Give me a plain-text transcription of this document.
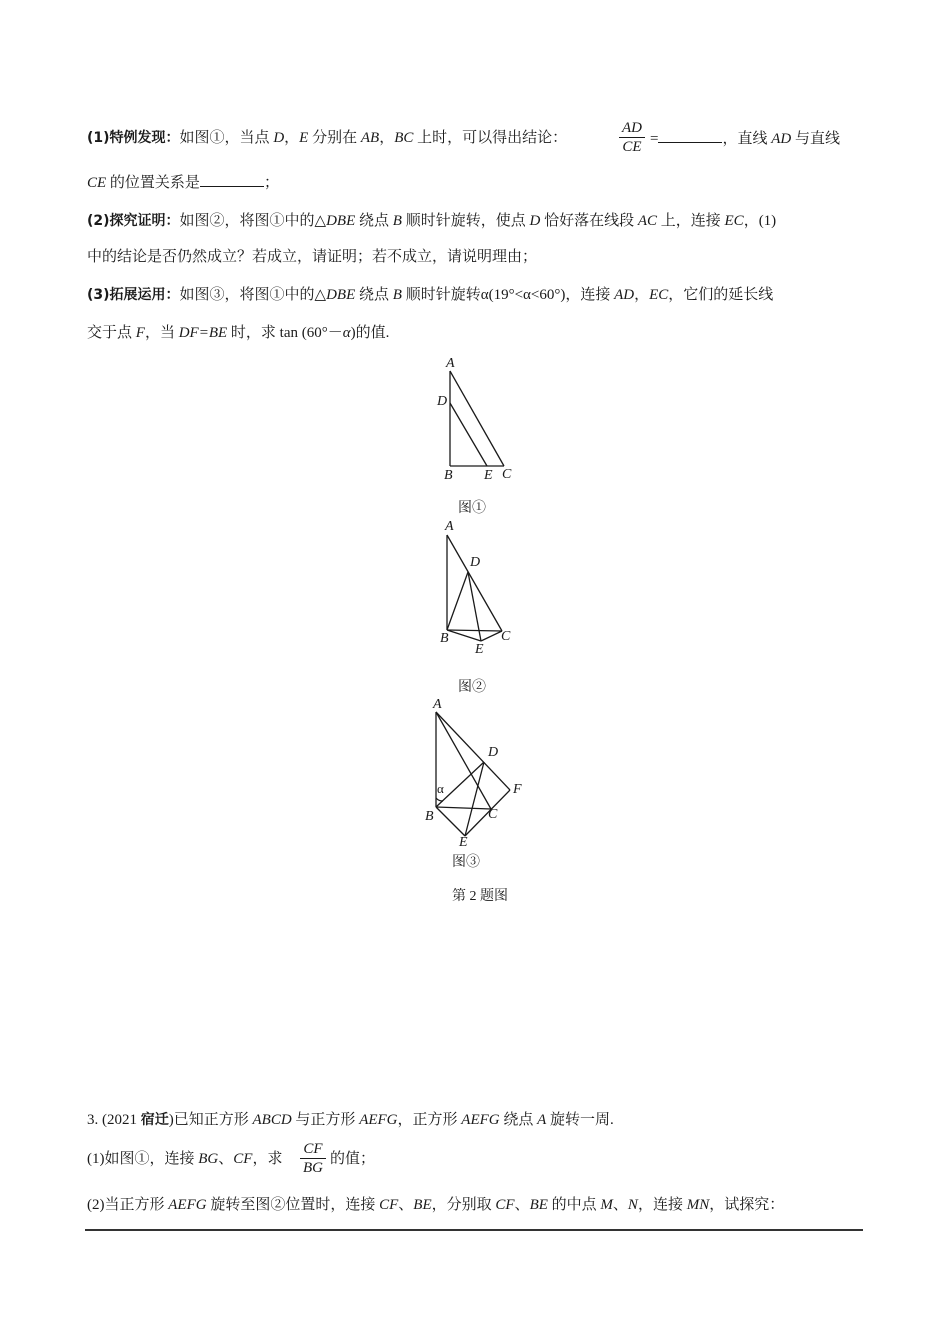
(1)特例发现：如图①，当点 D，E 分别在 AB，BC 上时，可以得出结论：	$\frac{AD}{CE}$ =	，直线 AD 与直线
CE 的位置关系是	；
(2)探究证明：如图②，将图①中的△DBE 绕点 B 顺时针旋转，使点 D 恰好落在线段 AC 上，连接 EC，(1)
中的结论是否仍然成立？若成立，请证明；若不成立，请说明理由；
(3)拓展运用：如图③，将图①中的△DBE 绕点 B 顺时针旋转α(19°<α<60°)，连接 AD，EC，它们的延长线
交于点 F，当 DF=BE 时，求 tan (60°－α)的值.
A
D
B E C
图①
A
D
B
E
C
图②
A
D
F
α
B	C
E
图③
第 2 题图
3. (2021 宿迁)已知正方形 ABCD 与正方形 AEFG，正方形 AEFG 绕点 A 旋转一周.
(1)如图①，连接 BG、CF，求 $\frac{CF}{BG}$ 的值；
(2)当正方形 AEFG 旋转至图②位置时，连接 CF、BE，分别取 CF、BE 的中点 M、N，连接 MN，试探究：
